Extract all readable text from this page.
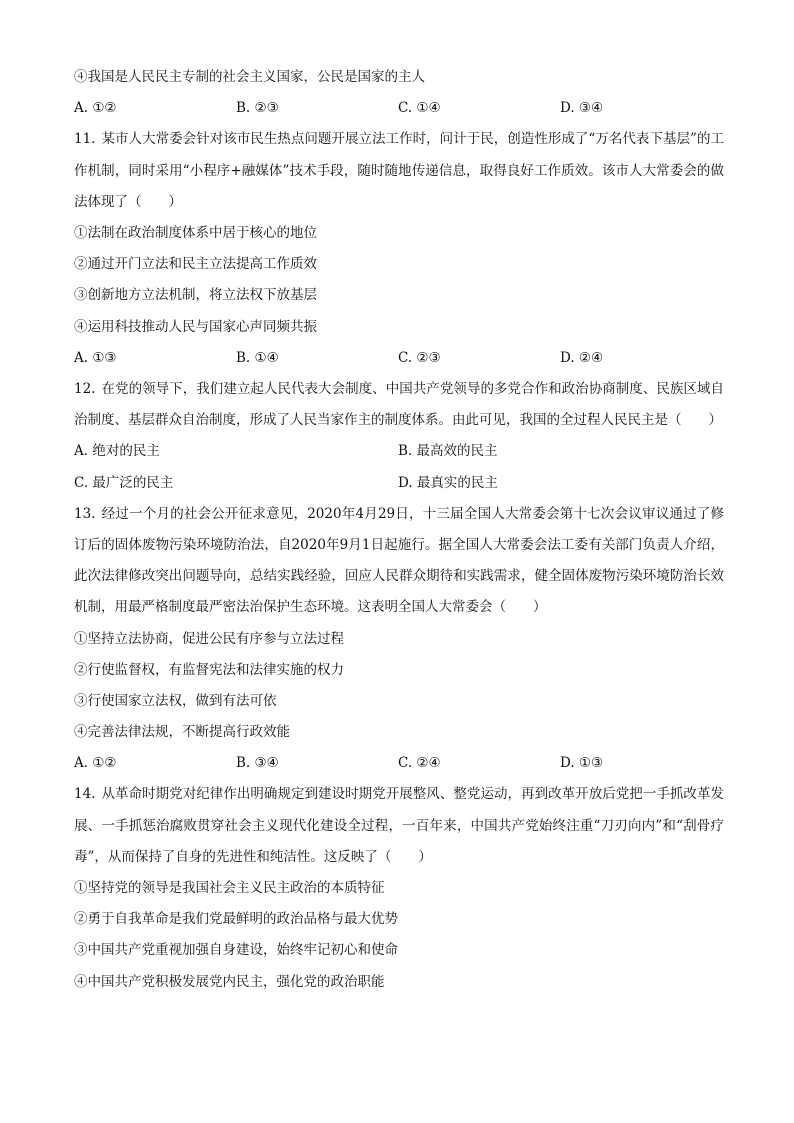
④我国是人民民主专制的社会主义国家，公民是国家的主人
A. ①②	B. ②③	C. ①④	D. ③④
11. 某市人大常委会针对该市民生热点问题开展立法工作时，问计于民，创造性形成了“万名代表下基层”的工作机制，同时采用“小程序+融媒体”技术手段，随时随地传递信息，取得良好工作质效。该市人大常委会的做法体现了（　　）
①法制在政治制度体系中居于核心的地位
②通过开门立法和民主立法提高工作质效
③创新地方立法机制，将立法权下放基层
④运用科技推动人民与国家心声同频共振
A. ①③	B. ①④	C. ②③	D. ②④
12. 在党的领导下，我们建立起人民代表大会制度、中国共产党领导的多党合作和政治协商制度、民族区域自治制度、基层群众自治制度，形成了人民当家作主的制度体系。由此可见，我国的全过程人民民主是（　　）
A. 绝对的民主	B. 最高效的民主
C. 最广泛的民主	D. 最真实的民主
13. 经过一个月的社会公开征求意见，2020年4月29日，十三届全国人大常委会第十七次会议审议通过了修订后的固体废物污染环境防治法，自2020年9月1日起施行。据全国人大常委会法工委有关部门负责人介绍，此次法律修改突出问题导向，总结实践经验，回应人民群众期待和实践需求，健全固体废物污染环境防治长效机制，用最严格制度最严密法治保护生态环境。这表明全国人大常委会（　　）
①坚持立法协商，促进公民有序参与立法过程
②行使监督权，有监督宪法和法律实施的权力
③行使国家立法权，做到有法可依
④完善法律法规，不断提高行政效能
A. ①②	B. ③④	C. ②④	D. ①③
14. 从革命时期党对纪律作出明确规定到建设时期党开展整风、整党运动，再到改革开放后党把一手抓改革发展、一手抓惩治腐败贯穿社会主义现代化建设全过程，一百年来，中国共产党始终注重“刀刃向内”和“刮骨疗毒”，从而保持了自身的先进性和纯洁性。这反映了（　　）
①坚持党的领导是我国社会主义民主政治的本质特征
②勇于自我革命是我们党最鲜明的政治品格与最大优势
③中国共产党重视加强自身建设，始终牢记初心和使命
④中国共产党积极发展党内民主，强化党的政治职能
